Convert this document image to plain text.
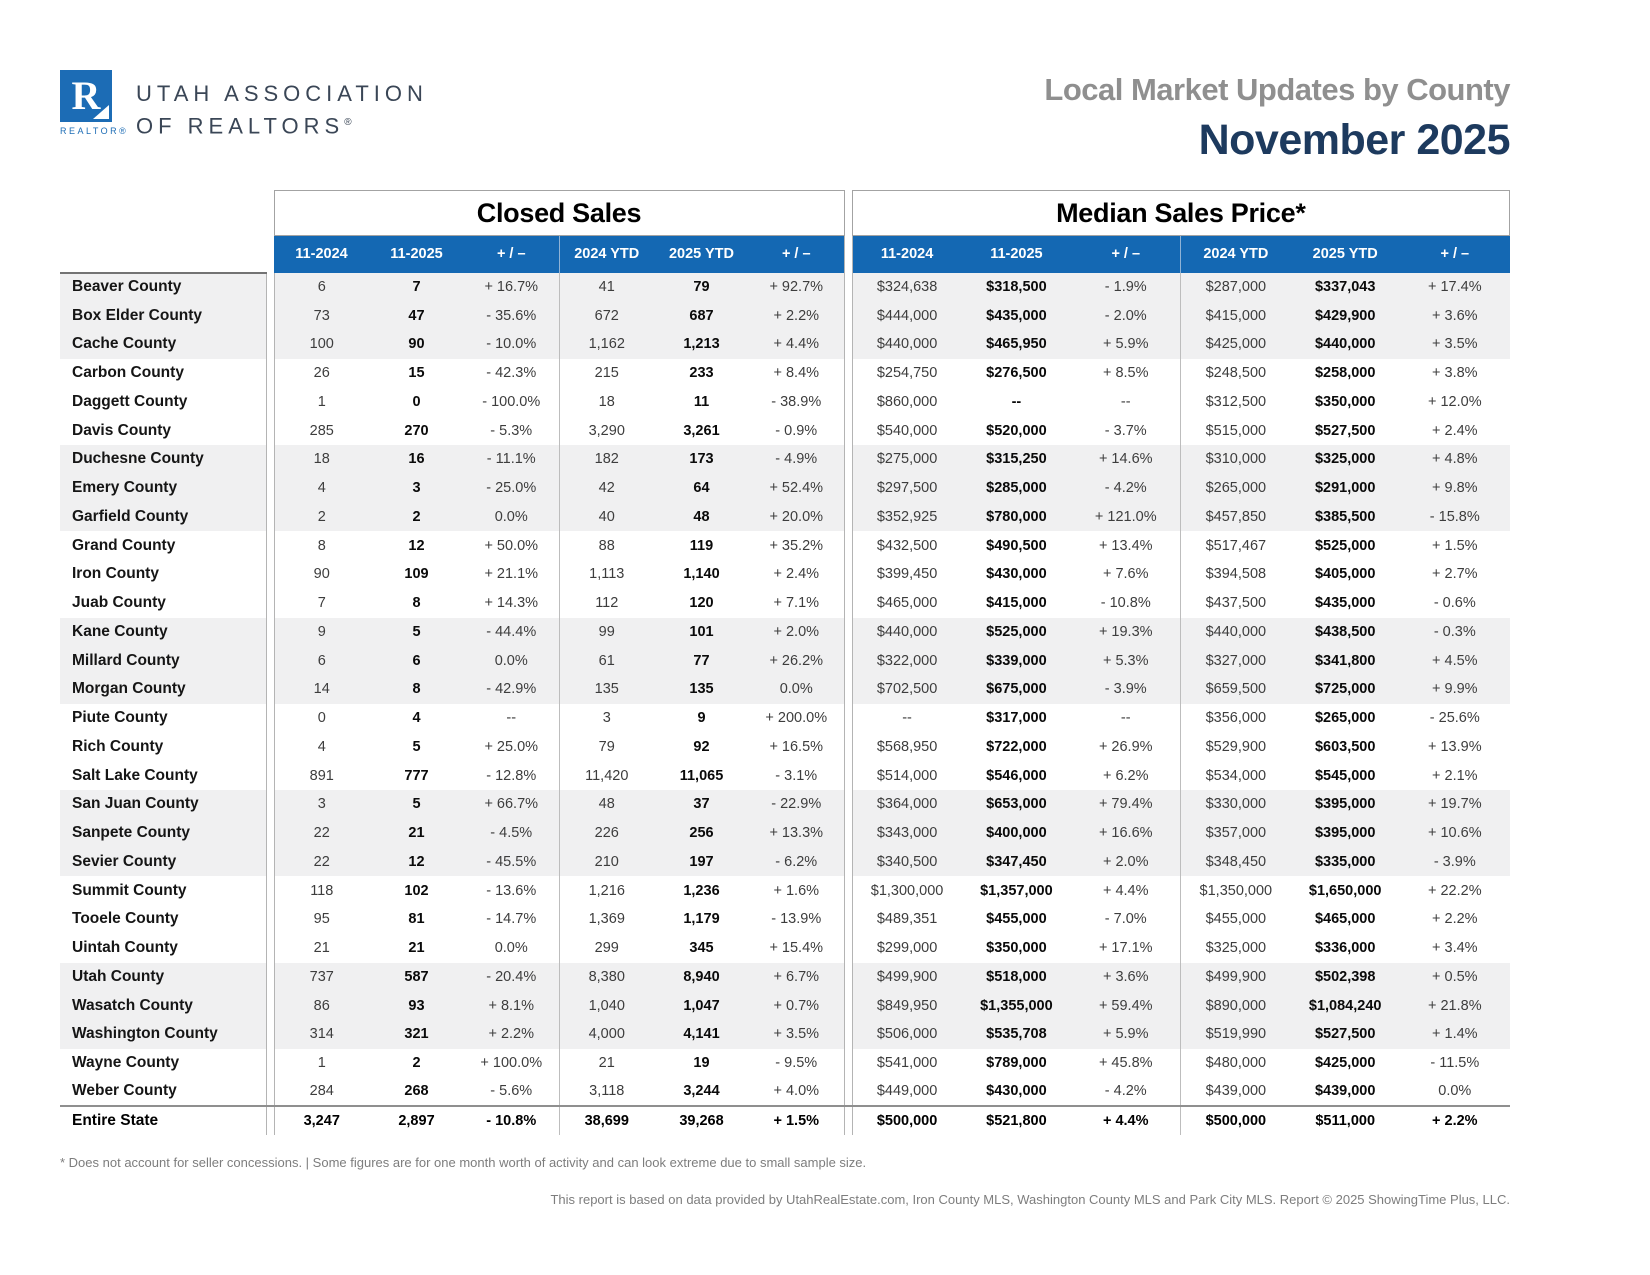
R
REALTOR®
UTAH ASSOCIATION
OF REALTORS®
Local Market Updates by County
November 2025
		Closed Sales							Median Sales Price*					
		11-2024	11-2025	+ / –	2024 YTD	2025 YTD	+ / –		11-2024	11-2025	+ / –	2024 YTD	2025 YTD	+ / –
Beaver County		6	7	+ 16.7%	41	79	+ 92.7%		$324,638	$318,500	- 1.9%	$287,000	$337,043	+ 17.4%
Box Elder County		73	47	- 35.6%	672	687	+ 2.2%		$444,000	$435,000	- 2.0%	$415,000	$429,900	+ 3.6%
Cache County		100	90	- 10.0%	1,162	1,213	+ 4.4%		$440,000	$465,950	+ 5.9%	$425,000	$440,000	+ 3.5%
Carbon County		26	15	- 42.3%	215	233	+ 8.4%		$254,750	$276,500	+ 8.5%	$248,500	$258,000	+ 3.8%
Daggett County		1	0	- 100.0%	18	11	- 38.9%		$860,000	--	--	$312,500	$350,000	+ 12.0%
Davis County		285	270	- 5.3%	3,290	3,261	- 0.9%		$540,000	$520,000	- 3.7%	$515,000	$527,500	+ 2.4%
Duchesne County		18	16	- 11.1%	182	173	- 4.9%		$275,000	$315,250	+ 14.6%	$310,000	$325,000	+ 4.8%
Emery County		4	3	- 25.0%	42	64	+ 52.4%		$297,500	$285,000	- 4.2%	$265,000	$291,000	+ 9.8%
Garfield County		2	2	0.0%	40	48	+ 20.0%		$352,925	$780,000	+ 121.0%	$457,850	$385,500	- 15.8%
Grand County		8	12	+ 50.0%	88	119	+ 35.2%		$432,500	$490,500	+ 13.4%	$517,467	$525,000	+ 1.5%
Iron County		90	109	+ 21.1%	1,113	1,140	+ 2.4%		$399,450	$430,000	+ 7.6%	$394,508	$405,000	+ 2.7%
Juab County		7	8	+ 14.3%	112	120	+ 7.1%		$465,000	$415,000	- 10.8%	$437,500	$435,000	- 0.6%
Kane County		9	5	- 44.4%	99	101	+ 2.0%		$440,000	$525,000	+ 19.3%	$440,000	$438,500	- 0.3%
Millard County		6	6	0.0%	61	77	+ 26.2%		$322,000	$339,000	+ 5.3%	$327,000	$341,800	+ 4.5%
Morgan County		14	8	- 42.9%	135	135	0.0%		$702,500	$675,000	- 3.9%	$659,500	$725,000	+ 9.9%
Piute County		0	4	--	3	9	+ 200.0%		--	$317,000	--	$356,000	$265,000	- 25.6%
Rich County		4	5	+ 25.0%	79	92	+ 16.5%		$568,950	$722,000	+ 26.9%	$529,900	$603,500	+ 13.9%
Salt Lake County		891	777	- 12.8%	11,420	11,065	- 3.1%		$514,000	$546,000	+ 6.2%	$534,000	$545,000	+ 2.1%
San Juan County		3	5	+ 66.7%	48	37	- 22.9%		$364,000	$653,000	+ 79.4%	$330,000	$395,000	+ 19.7%
Sanpete County		22	21	- 4.5%	226	256	+ 13.3%		$343,000	$400,000	+ 16.6%	$357,000	$395,000	+ 10.6%
Sevier County		22	12	- 45.5%	210	197	- 6.2%		$340,500	$347,450	+ 2.0%	$348,450	$335,000	- 3.9%
Summit County		118	102	- 13.6%	1,216	1,236	+ 1.6%		$1,300,000	$1,357,000	+ 4.4%	$1,350,000	$1,650,000	+ 22.2%
Tooele County		95	81	- 14.7%	1,369	1,179	- 13.9%		$489,351	$455,000	- 7.0%	$455,000	$465,000	+ 2.2%
Uintah County		21	21	0.0%	299	345	+ 15.4%		$299,000	$350,000	+ 17.1%	$325,000	$336,000	+ 3.4%
Utah County		737	587	- 20.4%	8,380	8,940	+ 6.7%		$499,900	$518,000	+ 3.6%	$499,900	$502,398	+ 0.5%
Wasatch County		86	93	+ 8.1%	1,040	1,047	+ 0.7%		$849,950	$1,355,000	+ 59.4%	$890,000	$1,084,240	+ 21.8%
Washington County		314	321	+ 2.2%	4,000	4,141	+ 3.5%		$506,000	$535,708	+ 5.9%	$519,990	$527,500	+ 1.4%
Wayne County		1	2	+ 100.0%	21	19	- 9.5%		$541,000	$789,000	+ 45.8%	$480,000	$425,000	- 11.5%
Weber County		284	268	- 5.6%	3,118	3,244	+ 4.0%		$449,000	$430,000	- 4.2%	$439,000	$439,000	0.0%
Entire State		3,247	2,897	- 10.8%	38,699	39,268	+ 1.5%		$500,000	$521,800	+ 4.4%	$500,000	$511,000	+ 2.2%
* Does not account for seller concessions. | Some figures are for one month worth of activity and can look extreme due to small sample size.
This report is based on data provided by UtahRealEstate.com, Iron County MLS, Washington County MLS and Park City MLS. Report © 2025 ShowingTime Plus, LLC.
